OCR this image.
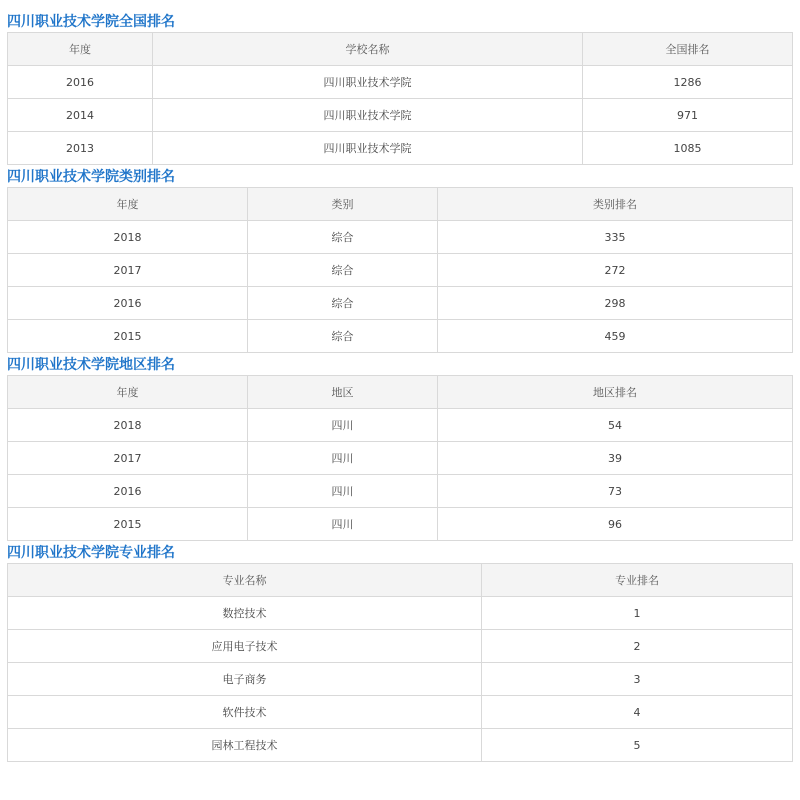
四川职业技术学院全国排名
年度	学校名称	全国排名
2016	四川职业技术学院	1286
2014	四川职业技术学院	971
2013	四川职业技术学院	1085
四川职业技术学院类别排名
年度	类别	类别排名
2018	综合	335
2017	综合	272
2016	综合	298
2015	综合	459
四川职业技术学院地区排名
年度	地区	地区排名
2018	四川	54
2017	四川	39
2016	四川	73
2015	四川	96
四川职业技术学院专业排名
专业名称	专业排名
数控技术	1
应用电子技术	2
电子商务	3
软件技术	4
园林工程技术	5
